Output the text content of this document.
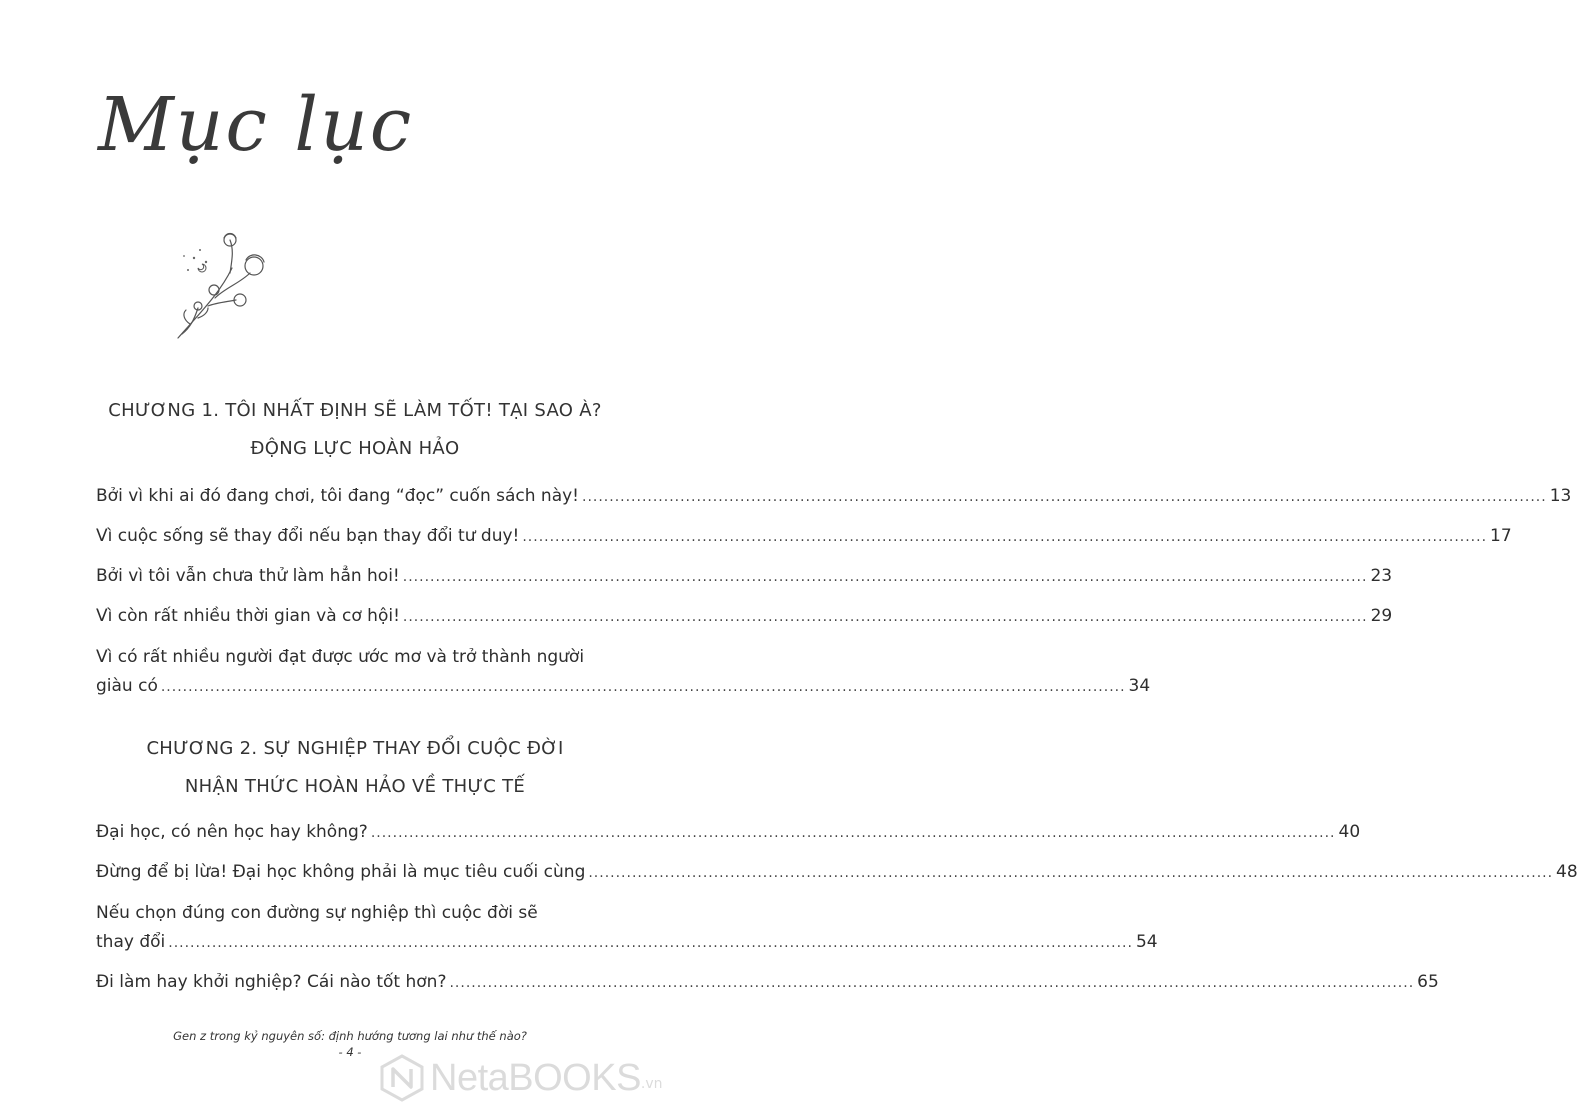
Mục lục
CHƯƠNG 1. TÔI NHẤT ĐỊNH SẼ LÀM TỐT! TẠI SAO À?
ĐỘNG LỰC HOÀN HẢO
Bởi vì khi ai đó đang chơi, tôi đang “đọc” cuốn sách này! .....	13
Vì cuộc sống sẽ thay đổi nếu bạn thay đổi tư duy! .....	17
Bởi vì tôi vẫn chưa thử làm hẳn hoi! .....	23
Vì còn rất nhiều thời gian và cơ hội! .....	29
Vì có rất nhiều người đạt được ước mơ và trở thành người
giàu có .....	34
CHƯƠNG 2. SỰ NGHIỆP THAY ĐỔI CUỘC ĐỜI
NHẬN THỨC HOÀN HẢO VỀ THỰC TẾ
Đại học, có nên học hay không? .....	40
Đừng để bị lừa! Đại học không phải là mục tiêu cuối cùng .....	48
Nếu chọn đúng con đường sự nghiệp thì cuộc đời sẽ
thay đổi .....	54
Đi làm hay khởi nghiệp? Cái nào tốt hơn? .....	65
Gen z trong kỷ nguyên số: định hướng tương lai như thế nào?
- 4 -
NetaBOOKS .vn
